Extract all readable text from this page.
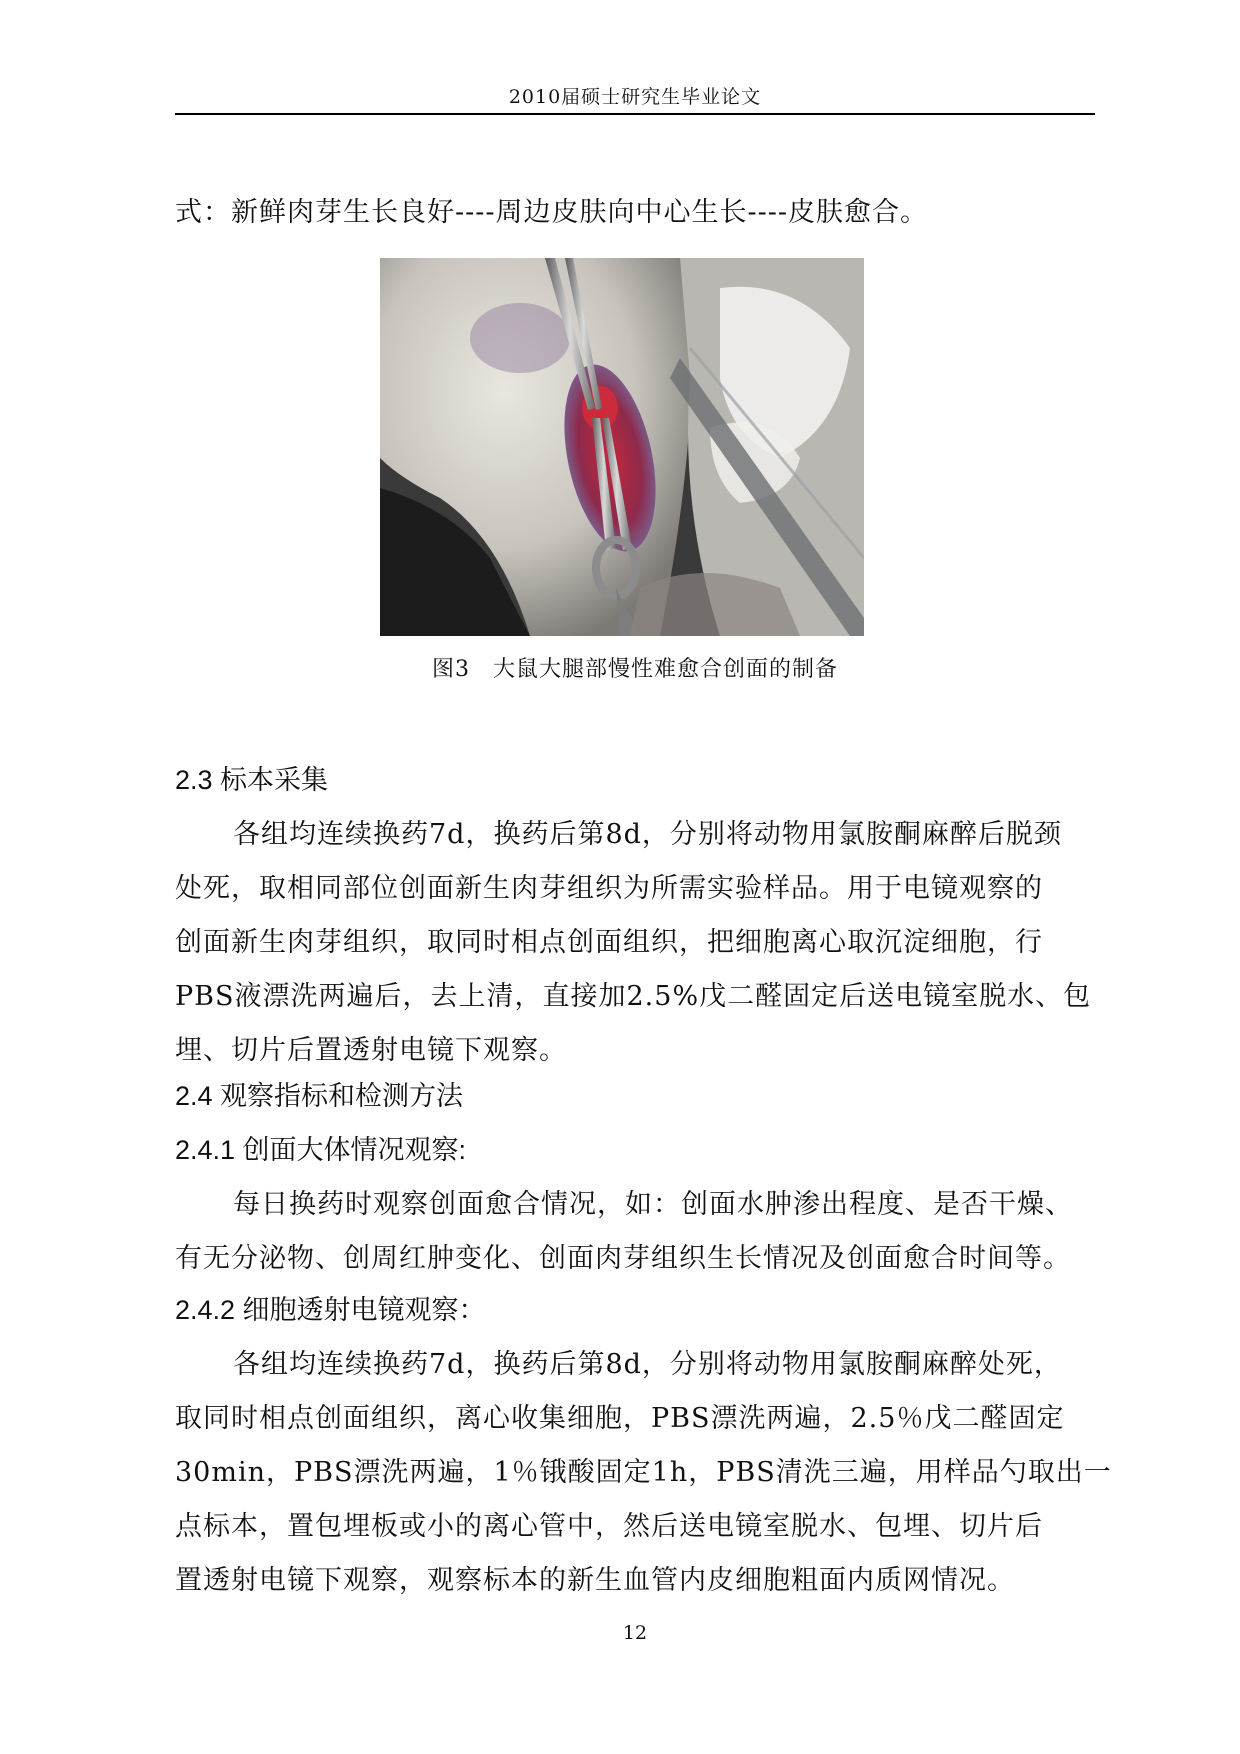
2010届硕士研究生毕业论文
式：新鲜肉芽生长良好----周边皮肤向中心生长----皮肤愈合。
图3　大鼠大腿部慢性难愈合创面的制备
2.3 标本采集
各组均连续换药7d，换药后第8d，分别将动物用氯胺酮麻醉后脱颈
处死，取相同部位创面新生肉芽组织为所需实验样品。用于电镜观察的
创面新生肉芽组织，取同时相点创面组织，把细胞离心取沉淀细胞，行
PBS液漂洗两遍后，去上清，直接加2.5%戊二醛固定后送电镜室脱水、包
埋、切片后置透射电镜下观察。
2.4 观察指标和检测方法
2.4.1 创面大体情况观察:
每日换药时观察创面愈合情况，如：创面水肿渗出程度、是否干燥、
有无分泌物、创周红肿变化、创面肉芽组织生长情况及创面愈合时间等。
2.4.2 细胞透射电镜观察：
各组均连续换药7d，换药后第8d，分别将动物用氯胺酮麻醉处死，
取同时相点创面组织，离心收集细胞，PBS漂洗两遍，2.5％戊二醛固定
30min，PBS漂洗两遍，1％锇酸固定1h，PBS清洗三遍，用样品勺取出一
点标本，置包埋板或小的离心管中，然后送电镜室脱水、包埋、切片后
置透射电镜下观察，观察标本的新生血管内皮细胞粗面内质网情况。
12
